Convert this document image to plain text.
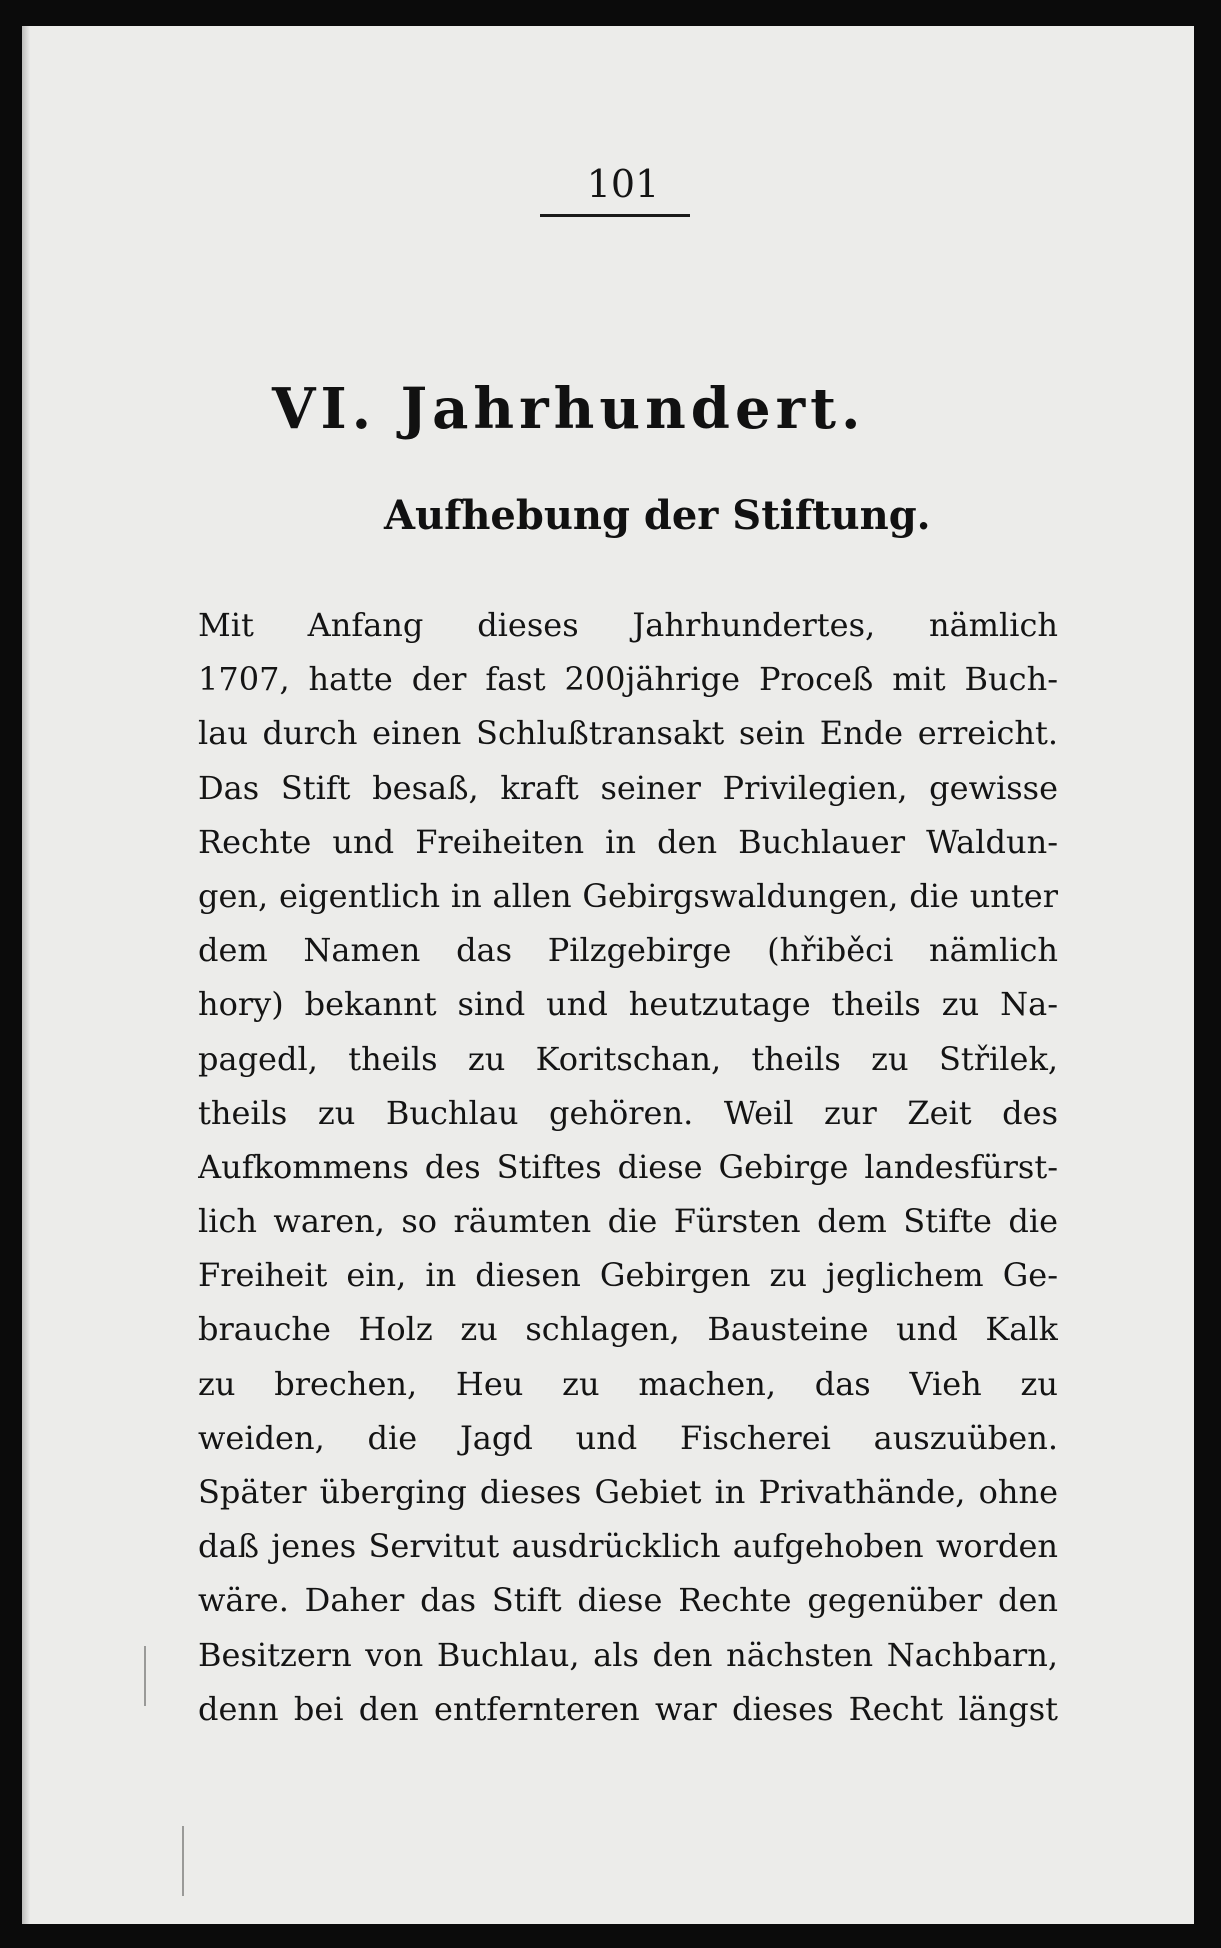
101
VI. Jahrhundert.
Aufhebung der Stiftung.
Mit Anfang dieses Jahrhundertes, nämlich
1707, hatte der fast 200jährige Proceß mit Buch-
lau durch einen Schlußtransakt sein Ende erreicht.
Das Stift besaß, kraft seiner Privilegien, gewisse
Rechte und Freiheiten in den Buchlauer Waldun-
gen, eigentlich in allen Gebirgswaldungen, die unter
dem Namen das Pilzgebirge (hřiběci nämlich
hory) bekannt sind und heutzutage theils zu Na-
pagedl, theils zu Koritschan, theils zu Střilek,
theils zu Buchlau gehören. Weil zur Zeit des
Aufkommens des Stiftes diese Gebirge landesfürst-
lich waren, so räumten die Fürsten dem Stifte die
Freiheit ein, in diesen Gebirgen zu jeglichem Ge-
brauche Holz zu schlagen, Bausteine und Kalk
zu brechen, Heu zu machen, das Vieh zu
weiden, die Jagd und Fischerei auszuüben.
Später überging dieses Gebiet in Privathände, ohne
daß jenes Servitut ausdrücklich aufgehoben worden
wäre. Daher das Stift diese Rechte gegenüber den
Besitzern von Buchlau, als den nächsten Nachbarn,
denn bei den entfernteren war dieses Recht längst
